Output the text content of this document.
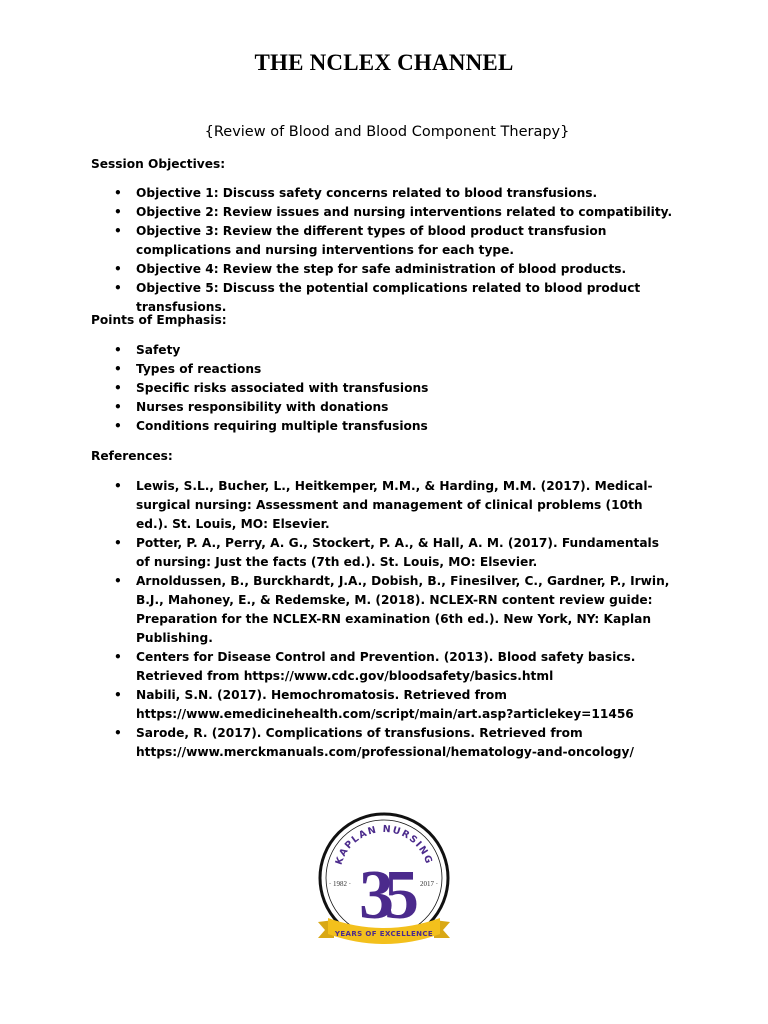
THE NCLEX CHANNEL
{Review of Blood and Blood Component Therapy}
Session Objectives:
• Objective 1: Discuss safety concerns related to blood transfusions.
• Objective 2: Review issues and nursing interventions related to compatibility.
• Objective 3: Review the different types of blood product transfusion complications and nursing interventions for each type.
• Objective 4: Review the step for safe administration of blood products.
• Objective 5: Discuss the potential complications related to blood product transfusions.
Points of Emphasis:
• Safety
• Types of reactions
• Specific risks associated with transfusions
• Nurses responsibility with donations
• Conditions requiring multiple transfusions
References:
• Lewis, S.L., Bucher, L., Heitkemper, M.M., & Harding, M.M. (2017). Medical-surgical nursing: Assessment and management of clinical problems (10th ed.). St. Louis, MO: Elsevier.
• Potter, P. A., Perry, A. G., Stockert, P. A., & Hall, A. M. (2017). Fundamentals of nursing: Just the facts (7th ed.). St. Louis, MO: Elsevier.
• Arnoldussen, B., Burckhardt, J.A., Dobish, B., Finesilver, C., Gardner, P., Irwin, B.J., Mahoney, E., & Redemske, M. (2018). NCLEX-RN content review guide: Preparation for the NCLEX-RN examination (6th ed.). New York, NY: Kaplan Publishing.
• Centers for Disease Control and Prevention. (2013). Blood safety basics. Retrieved from https://www.cdc.gov/bloodsafety/basics.html
• Nabili, S.N. (2017). Hemochromatosis. Retrieved from https://www.emedicinehealth.com/script/main/art.asp?articlekey=11456
• Sarode, R. (2017). Complications of transfusions. Retrieved from https://www.merckmanuals.com/professional/hematology-and-oncology/
KAPLAN NURSING
35
· 1982 ·	2017 ·
YEARS OF EXCELLENCE
